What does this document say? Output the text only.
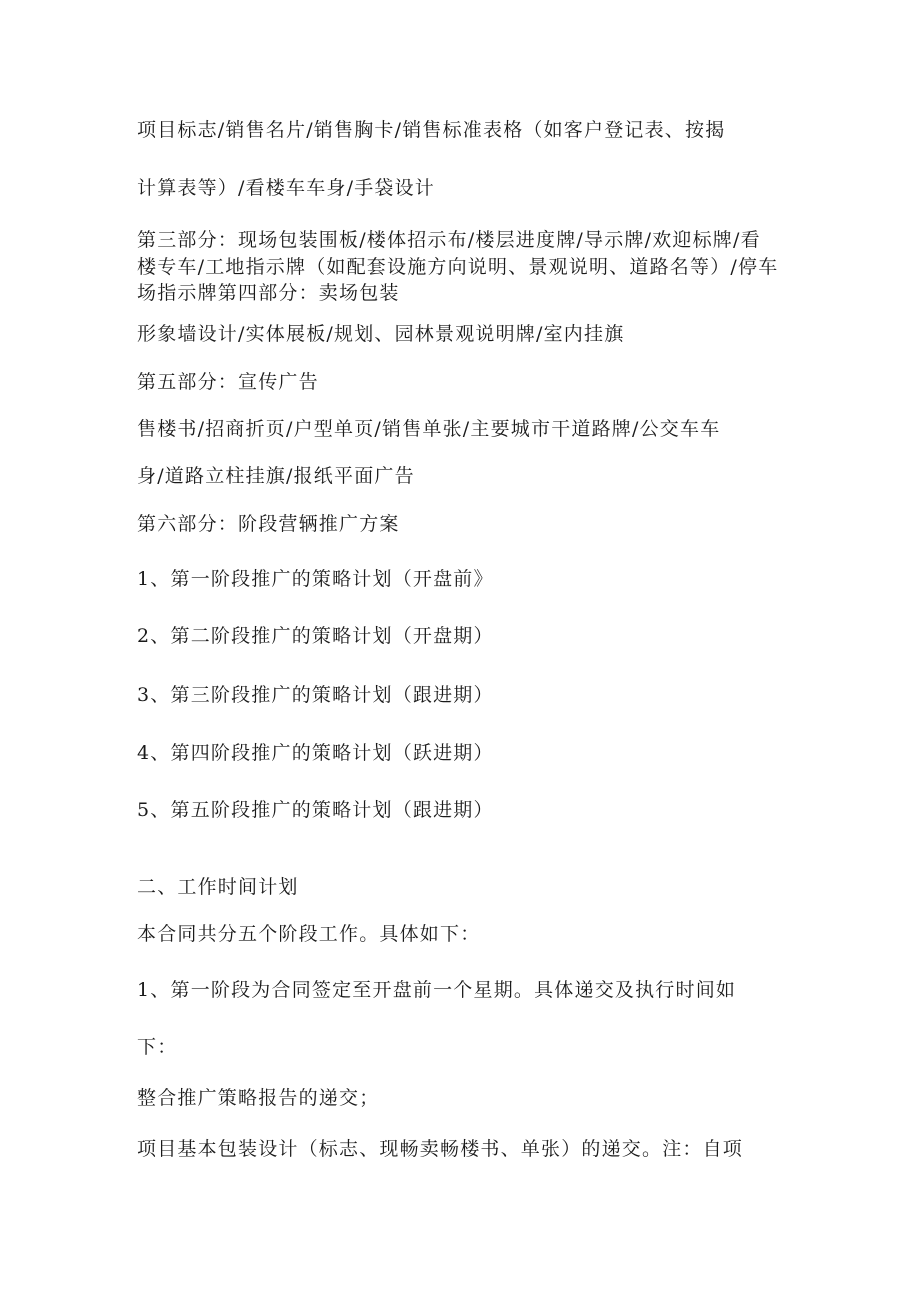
项目标志/销售名片/销售胸卡/销售标准表格（如客户登记表、按揭

计算表等）/看楼车车身/手袋设计

第三部分：现场包装围板/楼体招示布/楼层进度牌/导示牌/欢迎标牌/看

楼专车/工地指示牌（如配套设施方向说明、景观说明、道路名等）/停车

场指示牌第四部分：卖场包装

形象墙设计/实体展板/规划、园林景观说明牌/室内挂旗

第五部分：宣传广告

售楼书/招商折页/户型单页/销售单张/主要城市干道路牌/公交车车

身/道路立柱挂旗/报纸平面广告

第六部分：阶段营辆推广方案

1、第一阶段推广的策略计划（开盘前》

2、第二阶段推广的策略计划（开盘期）

3、第三阶段推广的策略计划（跟进期）

4、第四阶段推广的策略计划（跃进期）

5、第五阶段推广的策略计划（跟进期）

二、工作时间计划

本合同共分五个阶段工作。具体如下：

1、第一阶段为合同签定至开盘前一个星期。具体递交及执行时间如

下：

整合推广策略报告的递交；

项目基本包装设计（标志、现畅卖畅楼书、单张）的递交。注：自项
